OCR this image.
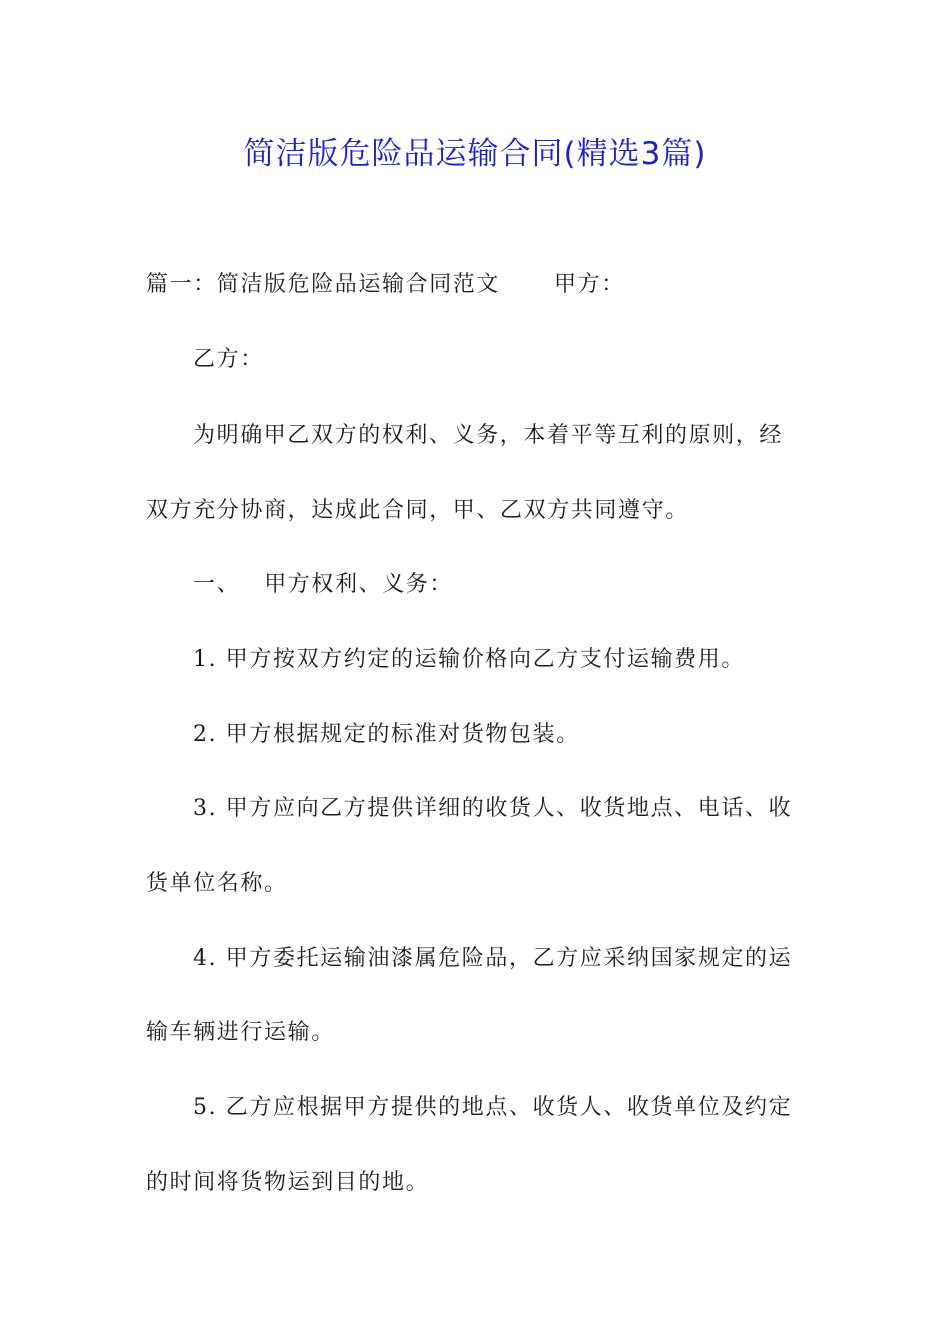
简洁版危险品运输合同(精选3篇)
篇一：简洁版危险品运输合同范文 甲方：
乙方：
为明确甲乙双方的权利、义务，本着平等互利的原则，经
双方充分协商，达成此合同，甲、乙双方共同遵守。
一、 甲方权利、义务：
1. 甲方按双方约定的运输价格向乙方支付运输费用。
2. 甲方根据规定的标准对货物包装。
3. 甲方应向乙方提供详细的收货人、收货地点、电话、收
货单位名称。
4. 甲方委托运输油漆属危险品，乙方应采纳国家规定的运
输车辆进行运输。
5. 乙方应根据甲方提供的地点、收货人、收货单位及约定
的时间将货物运到目的地。
